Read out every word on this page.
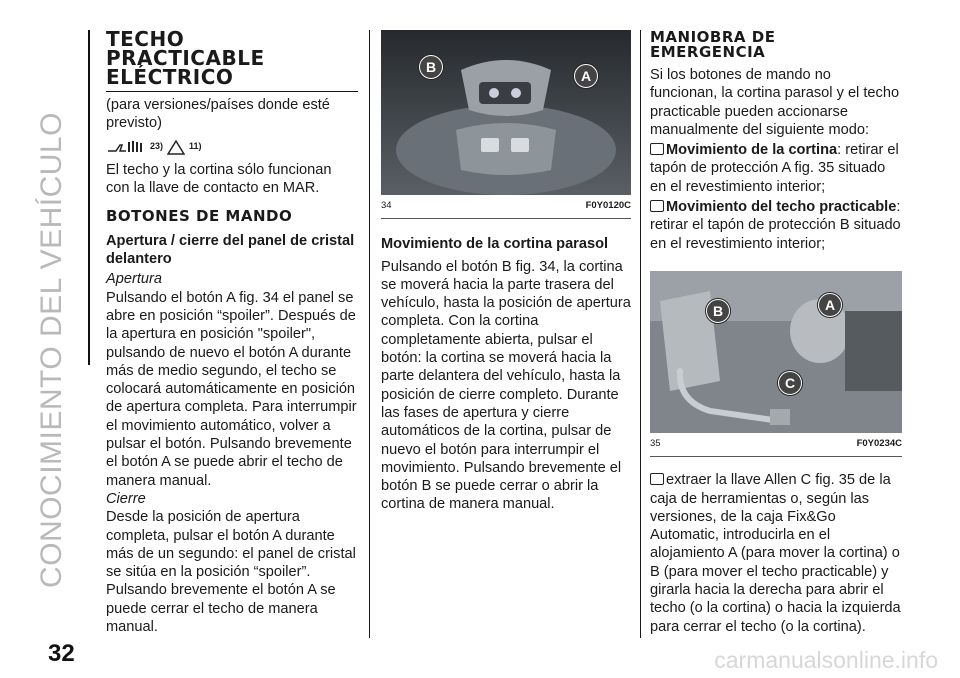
CONOCIMIENTO DEL VEHÍCULO
32
TECHO
PRACTICABLE
ELÉCTRICO

(para versiones/países donde esté previsto)

23)	11)

El techo y la cortina sólo funcionan con la llave de contacto en MAR.

BOTONES DE MANDO

Apertura / cierre del panel de cristal delantero

Apertura

Pulsando el botón A fig. 34 el panel se abre en posición “spoiler”. Después de la apertura en posición "spoiler", pulsando de nuevo el botón A durante más de medio segundo, el techo se colocará automáticamente en posición de apertura completa. Para interrumpir el movimiento automático, volver a pulsar el botón. Pulsando brevemente el botón A se puede abrir el techo de manera manual.

Cierre

Desde la posición de apertura completa, pulsar el botón A durante más de un segundo: el panel de cristal se sitúa en la posición “spoiler”. Pulsando brevemente el botón A se puede cerrar el techo de manera manual.

B
A
34	F0Y0120C

Movimiento de la cortina parasol

Pulsando el botón B fig. 34, la cortina se moverá hacia la parte trasera del vehículo, hasta la posición de apertura completa. Con la cortina completamente abierta, pulsar el botón: la cortina se moverá hacia la parte delantera del vehículo, hasta la posición de cierre completo. Durante las fases de apertura y cierre automáticos de la cortina, pulsar de nuevo el botón para interrumpir el movimiento. Pulsando brevemente el botón B se puede cerrar o abrir la cortina de manera manual.

MANIOBRA DE
EMERGENCIA

Si los botones de mando no funcionan, la cortina parasol y el techo practicable pueden accionarse manualmente del siguiente modo:

Movimiento de la cortina: retirar el tapón de protección A fig. 35 situado en el revestimiento interior;

Movimiento del techo practicable: retirar el tapón de protección B situado en el revestimiento interior;

B	A
C
35	F0Y0234C

extraer la llave Allen C fig. 35 de la caja de herramientas o, según las versiones, de la caja Fix&Go Automatic, introducirla en el alojamiento A (para mover la cortina) o B (para mover el techo practicable) y girarla hacia la derecha para abrir el techo (o la cortina) o hacia la izquierda para cerrar el techo (o la cortina).

carmanualsonline.info
